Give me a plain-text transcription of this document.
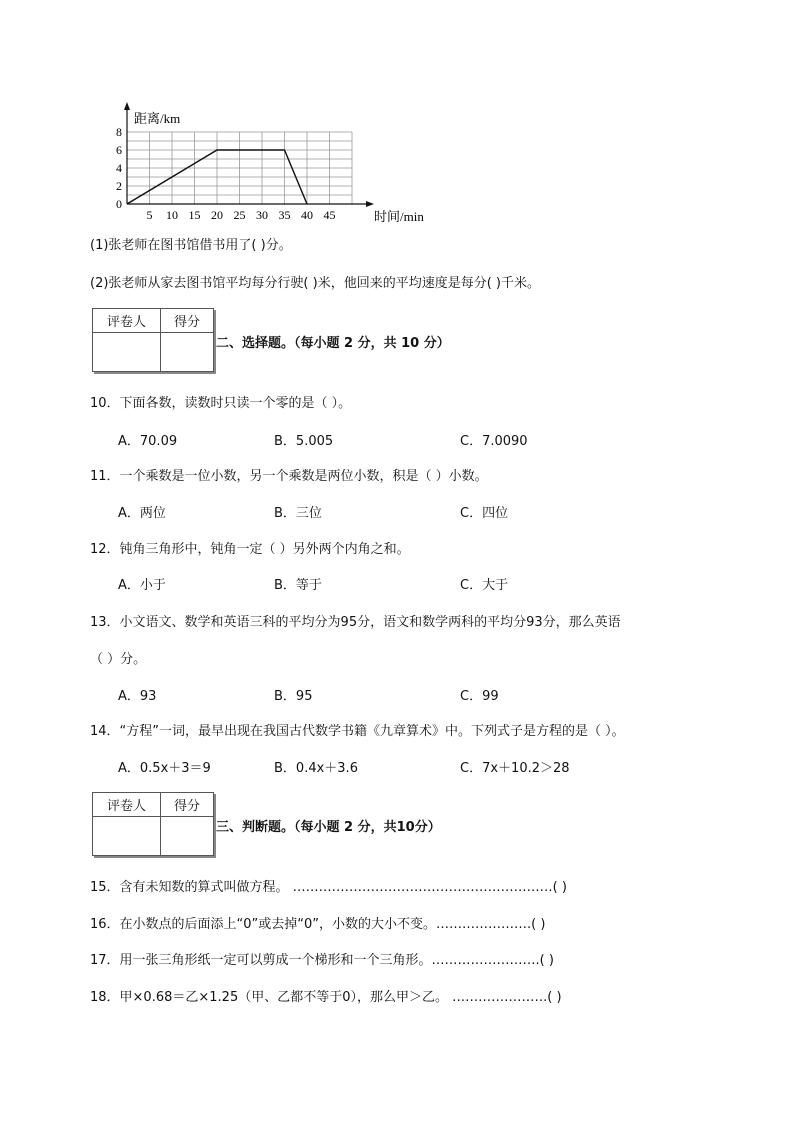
5 10 15 20 25 30 35 40 45
0
2
4
6
8
距离/km
时间/min
(1)张老师在图书馆借书用了( )分。
(2)张老师从家去图书馆平均每分行驶( )米，他回来的平均速度是每分( )千米。
评卷人	得分
二、选择题。（每小题 2 分，共 10 分）
10．下面各数，读数时只读一个零的是（ ）。
A．70.09	B．5.005	C．7.0090
11．一个乘数是一位小数，另一个乘数是两位小数，积是（ ）小数。
A．两位	B．三位	C．四位
12．钝角三角形中，钝角一定（ ）另外两个内角之和。
A．小于	B．等于	C．大于
13．小文语文、数学和英语三科的平均分为95分，语文和数学两科的平均分93分，那么英语
（ ）分。
A．93	B．95	C．99
14．“方程”一词，最早出现在我国古代数学书籍《九章算术》中。下列式子是方程的是（ ）。
A．0.5x＋3＝9	B．0.4x＋3.6	C．7x＋10.2＞28
评卷人	得分
三、判断题。（每小题 2 分，共10分）
15．含有未知数的算式叫做方程。 ……………………………………………………( )
16．在小数点的后面添上“0”或去掉“0”，小数的大小不变。………………….( )
17．用一张三角形纸一定可以剪成一个梯形和一个三角形。…………………….( )
18．甲×0.68＝乙×1.25（甲、乙都不等于0），那么甲＞乙。 ………………….( )
